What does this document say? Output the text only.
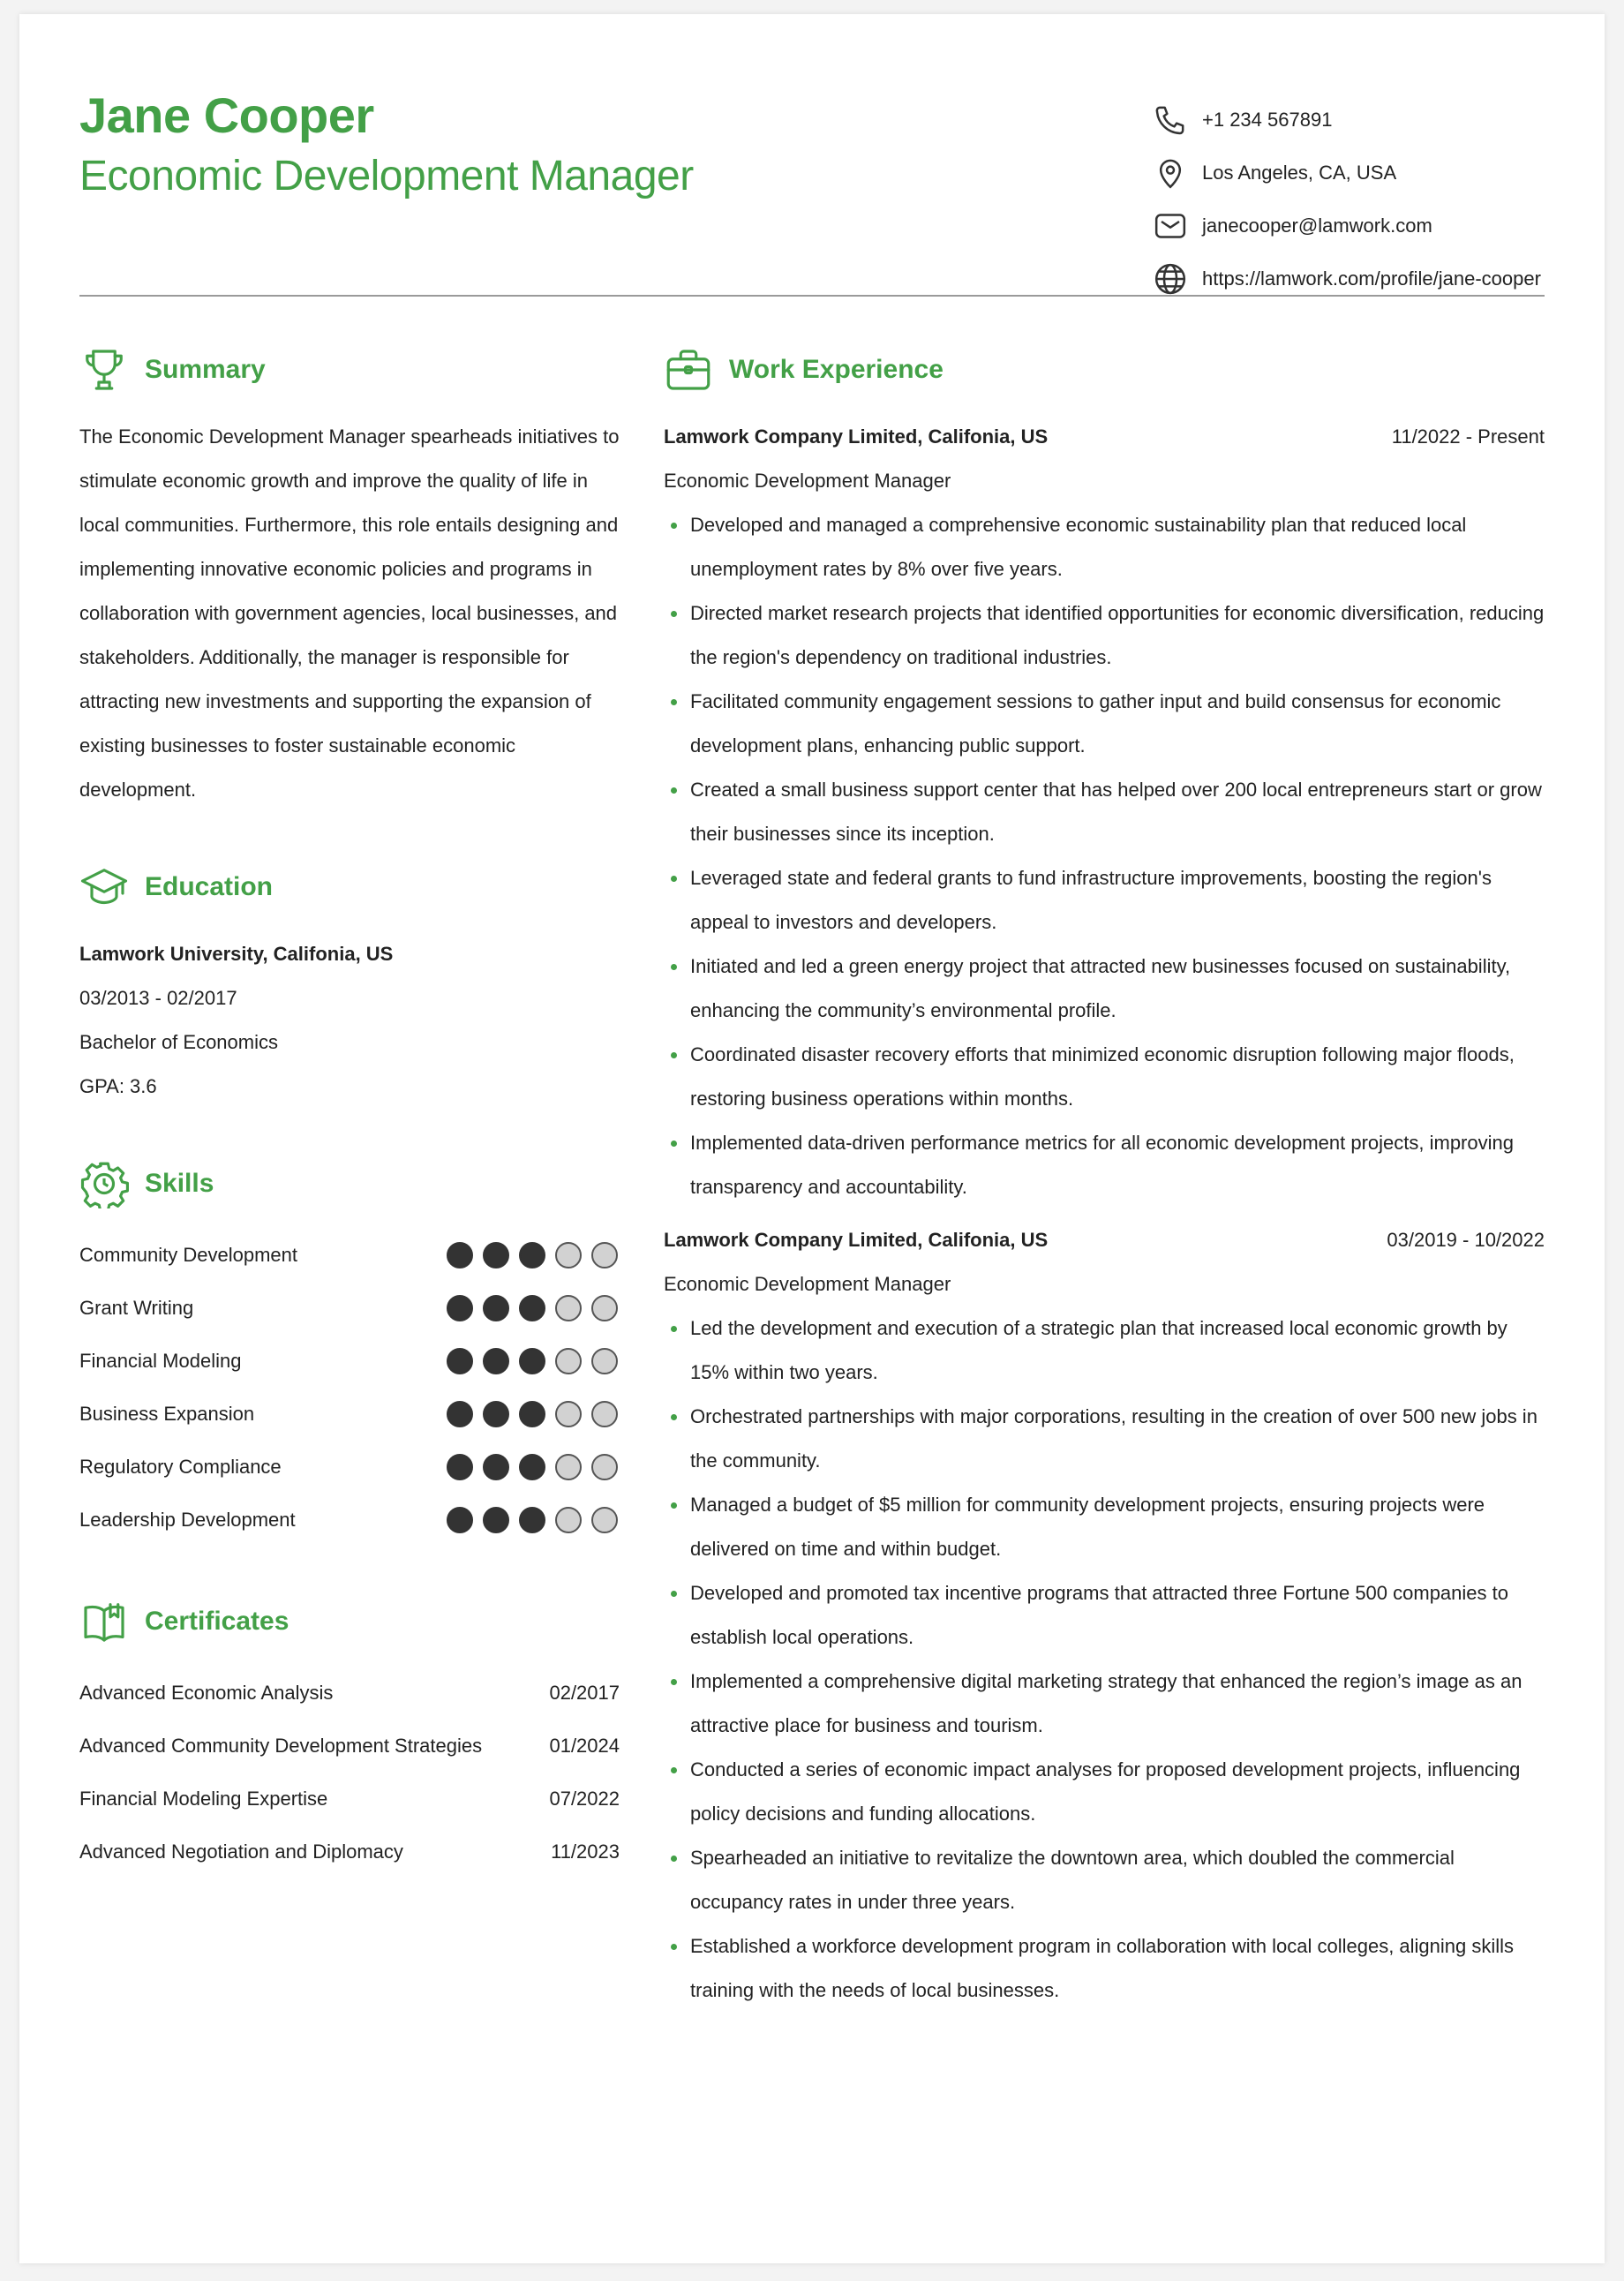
Jane Cooper
Economic Development Manager
+1 234 567891
Los Angeles, CA, USA
janecooper@lamwork.com
https://lamwork.com/profile/jane-cooper
Summary

The Economic Development Manager spearheads initiatives to stimulate economic growth and improve the quality of life in local communities. Furthermore, this role entails designing and implementing innovative economic policies and programs in collaboration with government agencies, local businesses, and stakeholders. Additionally, the manager is responsible for attracting new investments and supporting the expansion of existing businesses to foster sustainable economic development.

Education

Lamwork University, Califonia, US

03/2013 - 02/2017

Bachelor of Economics

GPA: 3.6

Skills
Community Development
Grant Writing
Financial Modeling
Business Expansion
Regulatory Compliance
Leadership Development
Certificates
Advanced Economic Analysis	02/2017
Advanced Community Development Strategies	01/2024
Financial Modeling Expertise	07/2022
Advanced Negotiation and Diplomacy	11/2023
Work Experience
Lamwork Company Limited, Califonia, US	11/2022 - Present

Economic Development Manager

Developed and managed a comprehensive economic sustainability plan that reduced local unemployment rates by 8% over five years.
Directed market research projects that identified opportunities for economic diversification, reducing the region's dependency on traditional industries.
Facilitated community engagement sessions to gather input and build consensus for economic development plans, enhancing public support.
Created a small business support center that has helped over 200 local entrepreneurs start or grow their businesses since its inception.
Leveraged state and federal grants to fund infrastructure improvements, boosting the region's appeal to investors and developers.
Initiated and led a green energy project that attracted new businesses focused on sustainability, enhancing the community’s environmental profile.
Coordinated disaster recovery efforts that minimized economic disruption following major floods, restoring business operations within months.
Implemented data-driven performance metrics for all economic development projects, improving transparency and accountability.
Lamwork Company Limited, Califonia, US	03/2019 - 10/2022

Economic Development Manager

Led the development and execution of a strategic plan that increased local economic growth by 15% within two years.
Orchestrated partnerships with major corporations, resulting in the creation of over 500 new jobs in the community.
Managed a budget of $5 million for community development projects, ensuring projects were delivered on time and within budget.
Developed and promoted tax incentive programs that attracted three Fortune 500 companies to establish local operations.
Implemented a comprehensive digital marketing strategy that enhanced the region’s image as an attractive place for business and tourism.
Conducted a series of economic impact analyses for proposed development projects, influencing policy decisions and funding allocations.
Spearheaded an initiative to revitalize the downtown area, which doubled the commercial occupancy rates in under three years.
Established a workforce development program in collaboration with local colleges, aligning skills training with the needs of local businesses.
